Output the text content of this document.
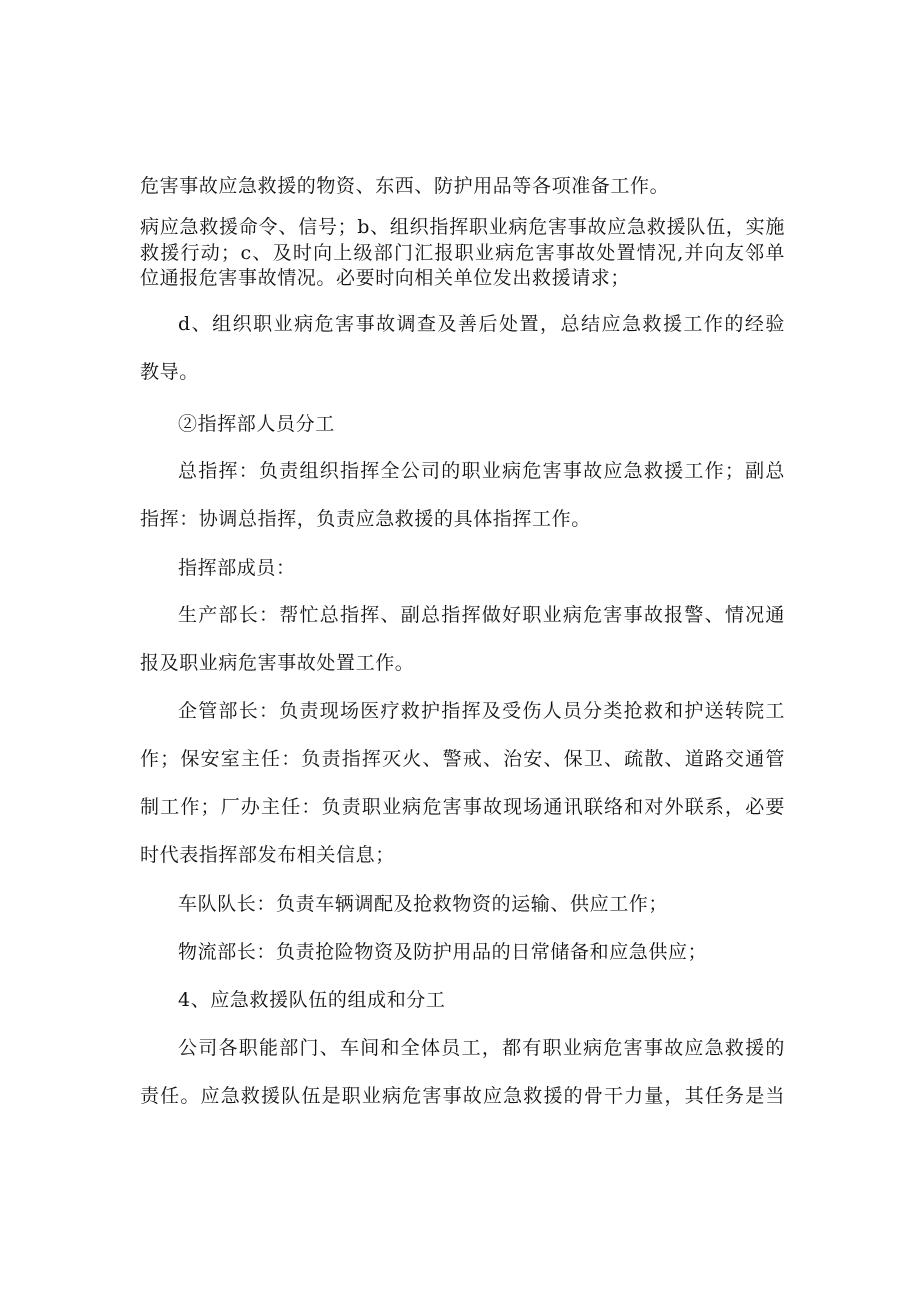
危害事故应急救援的物资、东西、防护用品等各项准备工作。
病应急救援命令、信号；b、组织指挥职业病危害事故应急救援队伍，实施
救援行动；c、及时向上级部门汇报职业病危害事故处置情况,并向友邻单
位通报危害事故情况。必要时向相关单位发出救援请求；
d、组织职业病危害事故调查及善后处置，总结应急救援工作的经验
教导。
②指挥部人员分工
总指挥：负责组织指挥全公司的职业病危害事故应急救援工作；副总
指挥：协调总指挥，负责应急救援的具体指挥工作。
指挥部成员：
生产部长：帮忙总指挥、副总指挥做好职业病危害事故报警、情况通
报及职业病危害事故处置工作。
企管部长：负责现场医疗救护指挥及受伤人员分类抢救和护送转院工
作；保安室主任：负责指挥灭火、警戒、治安、保卫、疏散、道路交通管
制工作；厂办主任：负责职业病危害事故现场通讯联络和对外联系，必要
时代表指挥部发布相关信息；
车队队长：负责车辆调配及抢救物资的运输、供应工作；
物流部长：负责抢险物资及防护用品的日常储备和应急供应；
4、应急救援队伍的组成和分工
公司各职能部门、车间和全体员工，都有职业病危害事故应急救援的
责任。应急救援队伍是职业病危害事故应急救援的骨干力量，其任务是当
